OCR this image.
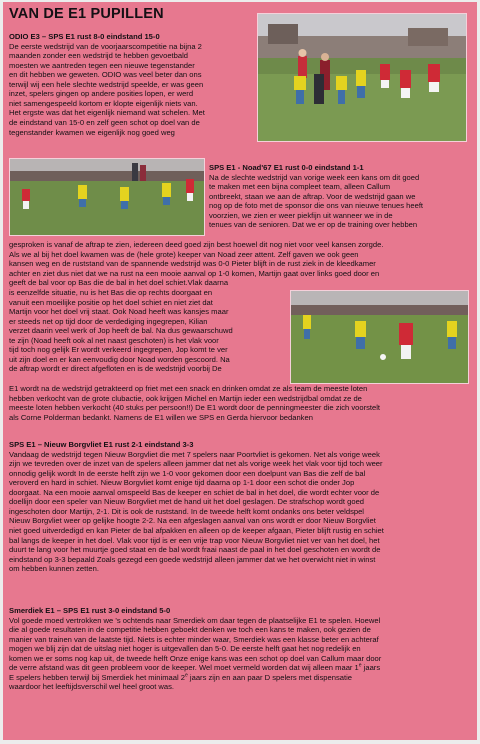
VAN DE E1 PUPILLEN
ODIO E3 – SPS E1 rust 8-0 eindstand 15-0
De eerste wedstrijd van de voorjaarscompetitie na bijna 2
maanden zonder een wedstrijd te hebben gevoetbald
moesten we aantreden tegen een nieuwe tegenstander
en dit hebben we geweten. ODIO was veel beter dan ons
terwijl wij een hele slechte wedstrijd speelde, er was geen
inzet, spelers gingen op andere posities lopen, er werd
niet samengespeeld kortom er klopte eigenlijk niets van.
Het ergste was dat het eigenlijk niemand wat schelen. Met
de eindstand van 15-0 en zelf geen schot op doel van de
tegenstander kwamen we eigenlijk nog goed weg
SPS E1 - Noad'67 E1 rust 0-0 eindstand 1-1
Na de slechte wedstrijd van vorige week een kans om dit goed
te maken met een bijna compleet team, alleen Callum
ontbreekt, staan we aan de aftrap. Voor de wedstrijd gaan we
nog op de foto met de sponsor die ons van nieuwe tenues heeft
voorzien, we zien er weer piekfijn uit wanneer we in de
tenues van de senioren. Dat we er op de training over hebben
gesproken is vanaf de aftrap te zien, iedereen deed goed zijn best hoewel dit nog niet voor veel kansen zorgde.
Als we al bij het doel kwamen was de (hele grote) keeper van Noad zeer attent. Zelf gaven we ook geen
kansen weg en de ruststand van de spannende wedstrijd was 0-0 Pieter blijft in de rust ziek in de kleedkamer
achter en ziet dus niet dat we na rust na een mooie aanval op 1-0 komen, Martijn gaat over links goed door en
geeft de bal voor op Bas die de bal in het doel schiet.Vlak daarna
is eenzelfde situatie, nu is het Bas die op rechts doorgaat en
vanuit een moeilijke positie op het doel schiet en niet ziet dat
Martijn voor het doel vrij staat. Ook Noad heeft was kansjes maar
er steeds net op tijd door de verdediging ingegrepen, Kilian
verzet daarin veel werk of Jop heeft de bal. Na dus gewaarschuwd
te zijn (Noad heeft ook al net naast geschoten) is het vlak voor
tijd toch nog gelijk Er wordt verkeerd ingegrepen, Jop komt te ver
uit zijn doel en er kan eenvoudig door Noad worden gescoord. Na
de aftrap wordt er direct afgefloten en is de wedstrijd voorbij De
E1 wordt na de wedstrijd getrakteerd op friet met een snack en drinken omdat ze als team de meeste loten
hebben verkocht van de grote clubactie, ook krijgen Michel en Martijn ieder een wedstrijdbal omdat ze de
meeste loten hebben verkocht (40 stuks per persoon!!) De E1 wordt door de penningmeester die zich voorstelt
als Corne Polderman bedankt. Namens de E1 willen we SPS en Gerda hiervoor bedanken
SPS E1 – Nieuw Borgvliet E1 rust 2-1 eindstand 3-3
Vandaag de wedstrijd tegen Nieuw Borgvliet die met 7 spelers naar Poortvliet is gekomen. Net als vorige week
zijn we tevreden over de inzet van de spelers alleen jammer dat net als vorige week het vlak voor tijd toch weer
onnodig gelijk wordt In de eerste helft zijn we 1-0 voor gekomen door een doelpunt van Bas die zelf de bal
veroverd en hard in schiet. Nieuw Borgvliet komt enige tijd daarna op 1-1 door een schot die onder Jop
doorgaat. Na een mooie aanval omspeeld Bas de keeper en schiet de bal in het doel, die wordt echter voor de
doellijn door een speler van Nieuw Borgvliet met de hand uit het doel geslagen. De strafschop wordt goed
ingeschoten door Martijn, 2-1. Dit is ook de ruststand. In de tweede helft komt ondanks ons beter veldspel
Nieuw Borgvliet weer op gelijke hoogte 2-2. Na een afgeslagen aanval van ons wordt er door Nieuw Borgvliet
niet goed uitverdedigd en kan Pieter de bal afpakken en alleen op de keeper afgaan, Pieter blijft rustig en schiet
bal langs de keeper in het doel. Vlak voor tijd is er een vrije trap voor Nieuw Borgvliet niet ver van het doel, het
duurt te lang voor het muurtje goed staat en de bal wordt fraai naast de paal in het doel geschoten en wordt de
eindstand op 3-3 bepaald Zoals gezegd een goede wedstrijd alleen jammer dat we het overwicht niet in winst
om hebben kunnen zetten.
Smerdiek E1 – SPS E1 rust 3-0 eindstand 5-0
Vol goede moed vertrokken we 's ochtends naar Smerdiek om daar tegen de plaatselijke E1 te spelen. Hoewel
die al goede resultaten in de competitie hebben geboekt denken we toch een kans te maken, ook gezien de
manier van trainen van de laatste tijd. Niets is echter minder waar, Smerdiek was een klasse beter en achteraf
mogen we blij zijn dat de uitslag niet hoger is uitgevallen dan 5-0. De eerste helft gaat het nog redelijk en
komen we er soms nog kap uit, de tweede helft Onze enige kans was een schot op doel van Callum maar door
de verre afstand was dit geen probleem voor de keeper. Wel moet vermeld worden dat wij alleen maar 1e jaars
E spelers hebben terwijl bij Smerdiek het minimaal 2e jaars zijn en aan paar D spelers met dispensatie
waardoor het leeftijdsverschil wel heel groot was.
